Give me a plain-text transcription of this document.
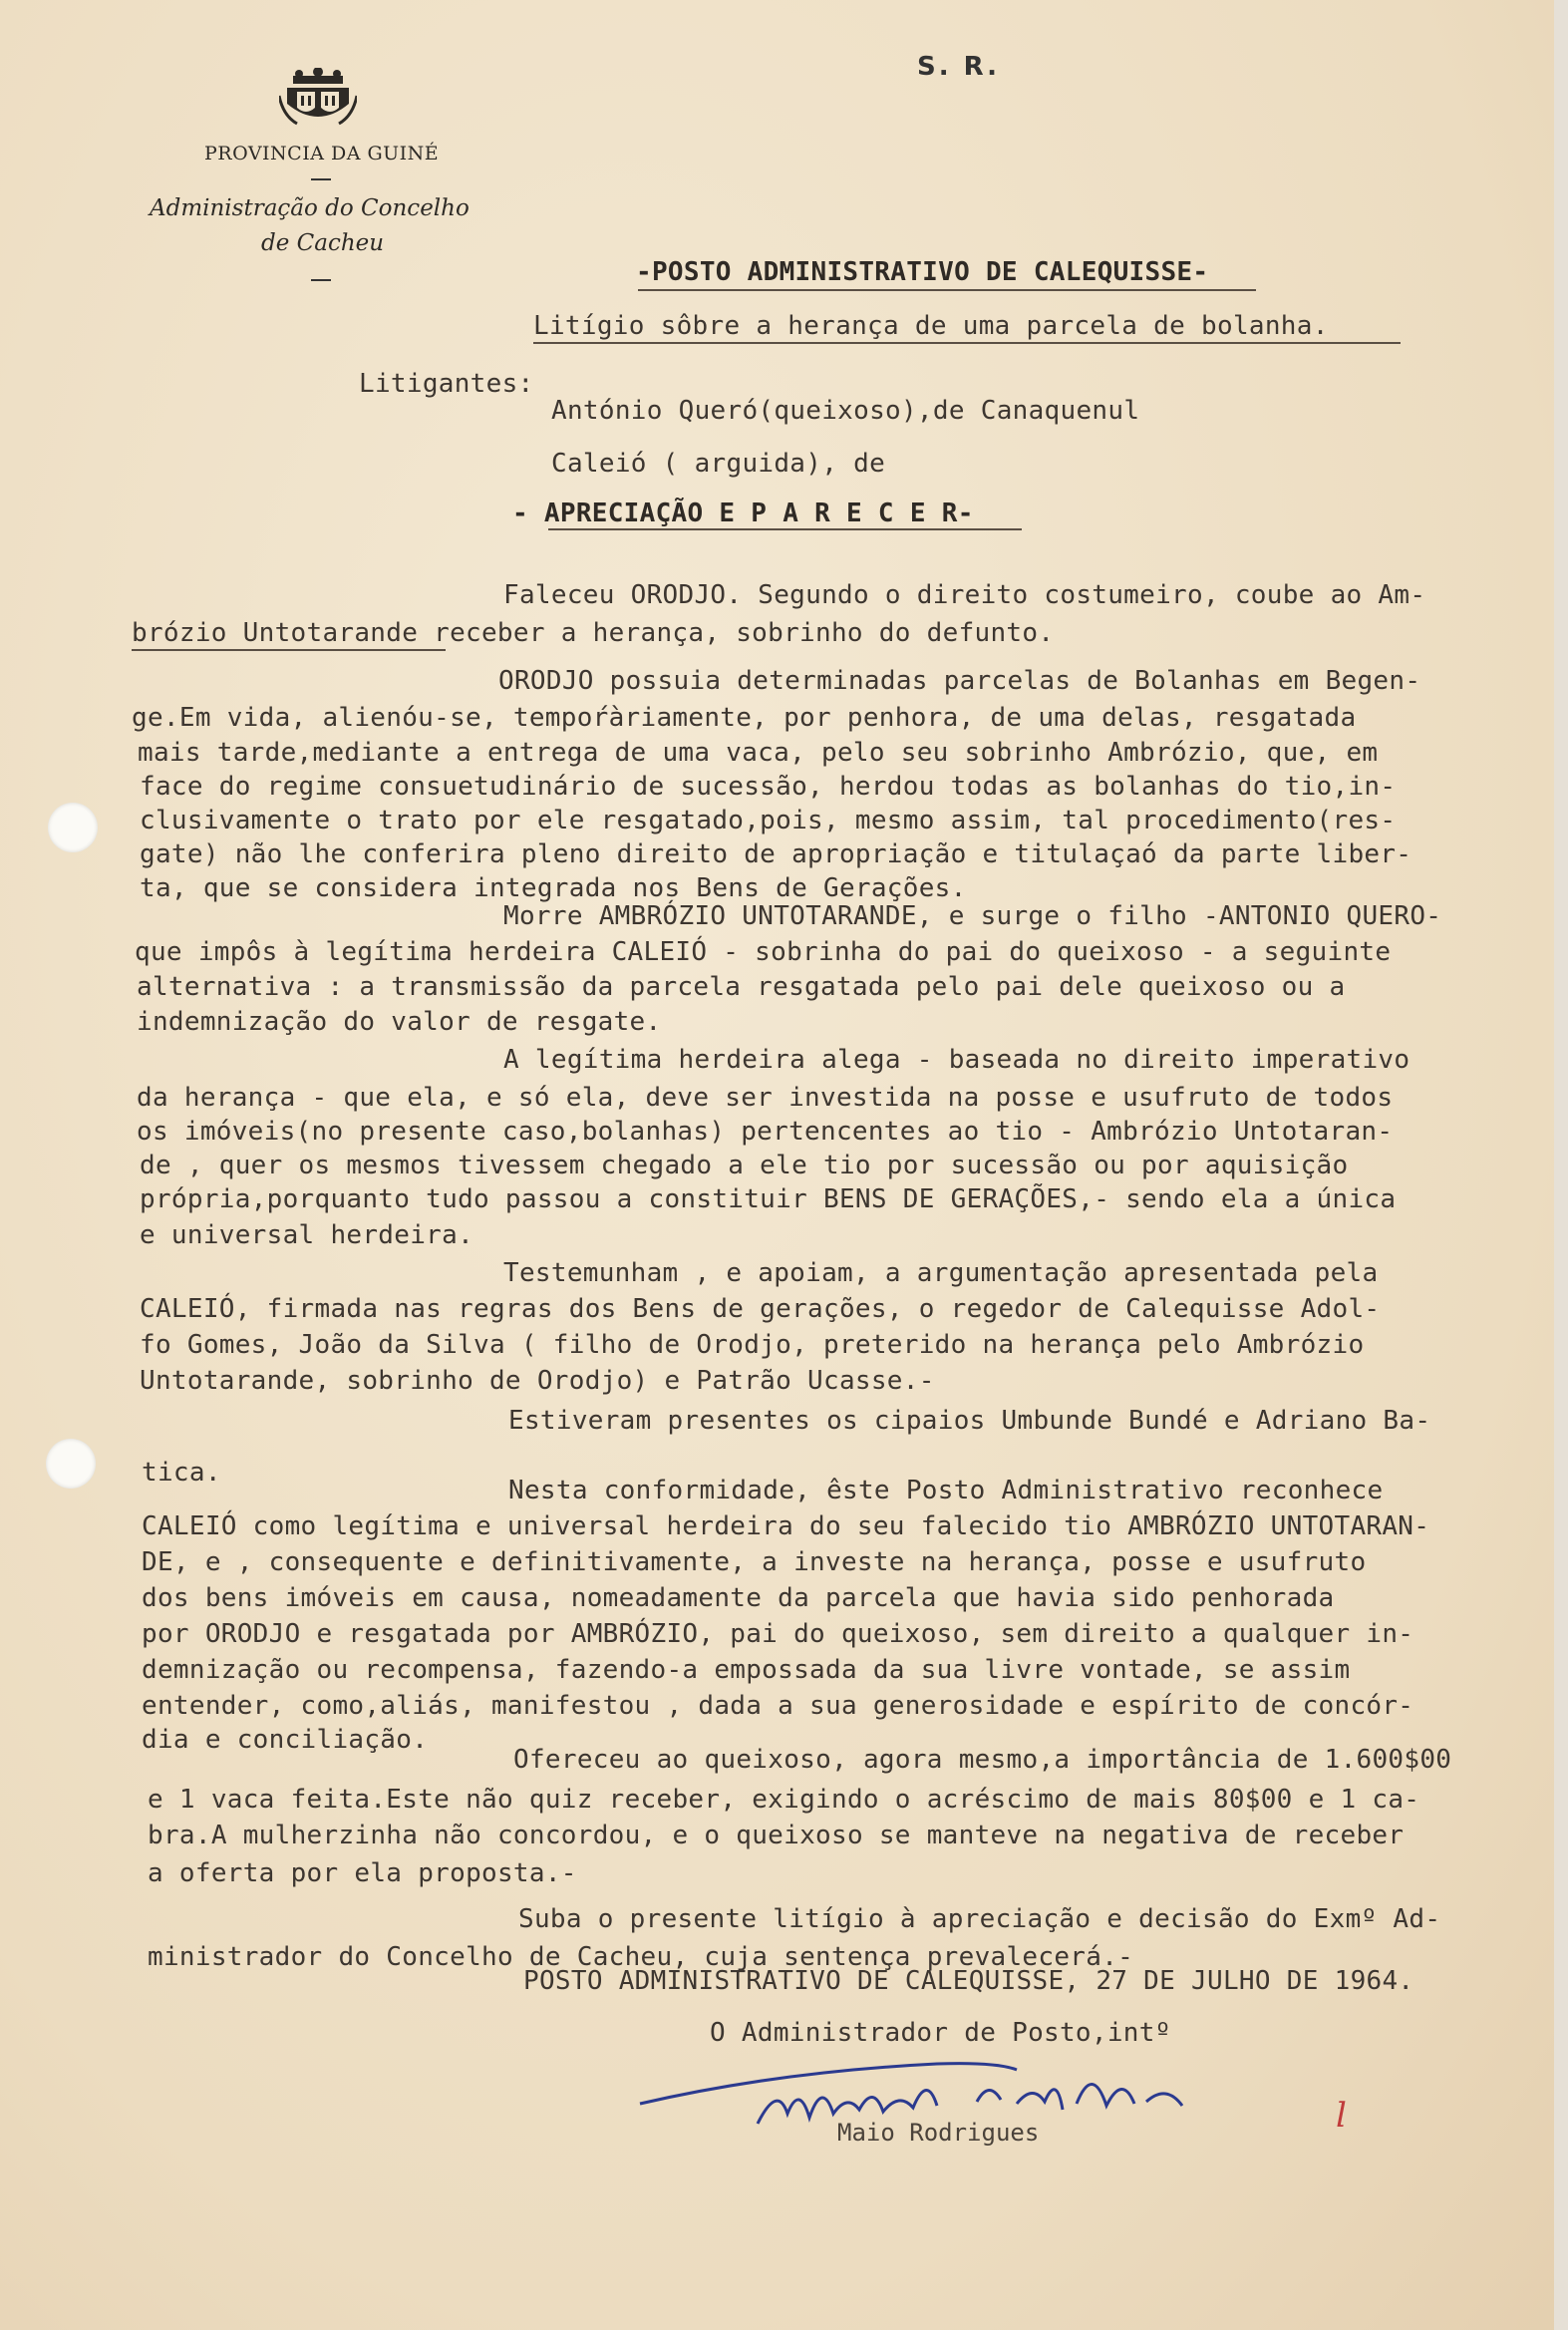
PROVINCIA DA GUINÉ
Administração do Concelho
de Cacheu
S. R.
-POSTO ADMINISTRATIVO DE CALEQUISSE-
Litígio sôbre a herança de uma parcela de bolanha.
Litigantes:
António Queró(queixoso),de Canaquenul
Caleió ( arguida), de
- APRECIAÇÃO E P A R E C E R-
Faleceu ORODJO. Segundo o direito costumeiro, coube ao Am-
brózio Untotarande receber a herança, sobrinho do defunto.
ORODJO possuia determinadas parcelas de Bolanhas em Begen-
ge.Em vida, alienóu-se, tempoŕàriamente, por penhora, de uma delas, resgatada
mais tarde,mediante a entrega de uma vaca, pelo seu sobrinho Ambrózio, que, em
face do regime consuetudinário de sucessão, herdou todas as bolanhas do tio,in-
clusivamente o trato por ele resgatado,pois, mesmo assim, tal procedimento(res-
gate) não lhe conferira pleno direito de apropriação e titulaçaó da parte liber-
ta, que se considera integrada nos Bens de Gerações.
Morre AMBRÓZIO UNTOTARANDE, e surge o filho -ANTONIO QUERO-
que impôs à legítima herdeira CALEIÓ - sobrinha do pai do queixoso - a seguinte
alternativa : a transmissão da parcela resgatada pelo pai dele queixoso ou a
indemnização do valor de resgate.
A legítima herdeira alega - baseada no direito imperativo
da herança - que ela, e só ela, deve ser investida na posse e usufruto de todos
os imóveis(no presente caso,bolanhas) pertencentes ao tio - Ambrózio Untotaran-
de , quer os mesmos tivessem chegado a ele tio por sucessão ou por aquisição
própria,porquanto tudo passou a constituir BENS DE GERAÇÕES,- sendo ela a única
e universal herdeira.
Testemunham , e apoiam, a argumentação apresentada pela
CALEIÓ, firmada nas regras dos Bens de gerações, o regedor de Calequisse Adol-
fo Gomes, João da Silva ( filho de Orodjo, preterido na herança pelo Ambrózio
Untotarande, sobrinho de Orodjo) e Patrão Ucasse.-
Estiveram presentes os cipaios Umbunde Bundé e Adriano Ba-
tica.
Nesta conformidade, êste Posto Administrativo reconhece
CALEIÓ como legítima e universal herdeira do seu falecido tio AMBRÓZIO UNTOTARAN-
DE, e , consequente e definitivamente, a investe na herança, posse e usufruto
dos bens imóveis em causa, nomeadamente da parcela que havia sido penhorada
por ORODJO e resgatada por AMBRÓZIO, pai do queixoso, sem direito a qualquer in-
demnização ou recompensa, fazendo-a empossada da sua livre vontade, se assim
entender, como,aliás, manifestou , dada a sua generosidade e espírito de concór-
dia e conciliação.
Ofereceu ao queixoso, agora mesmo,a importância de 1.600$00
e 1 vaca feita.Este não quiz receber, exigindo o acréscimo de mais 80$00 e 1 ca-
bra.A mulherzinha não concordou, e o queixoso se manteve na negativa de receber
a oferta por ela proposta.-
Suba o presente litígio à apreciação e decisão do Exmº Ad-
ministrador do Concelho de Cacheu, cuja sentença prevalecerá.-
POSTO ADMINISTRATIVO DE CALEQUISSE, 27 DE JULHO DE 1964.
O Administrador de Posto,intº
Maio Rodrigues	l
